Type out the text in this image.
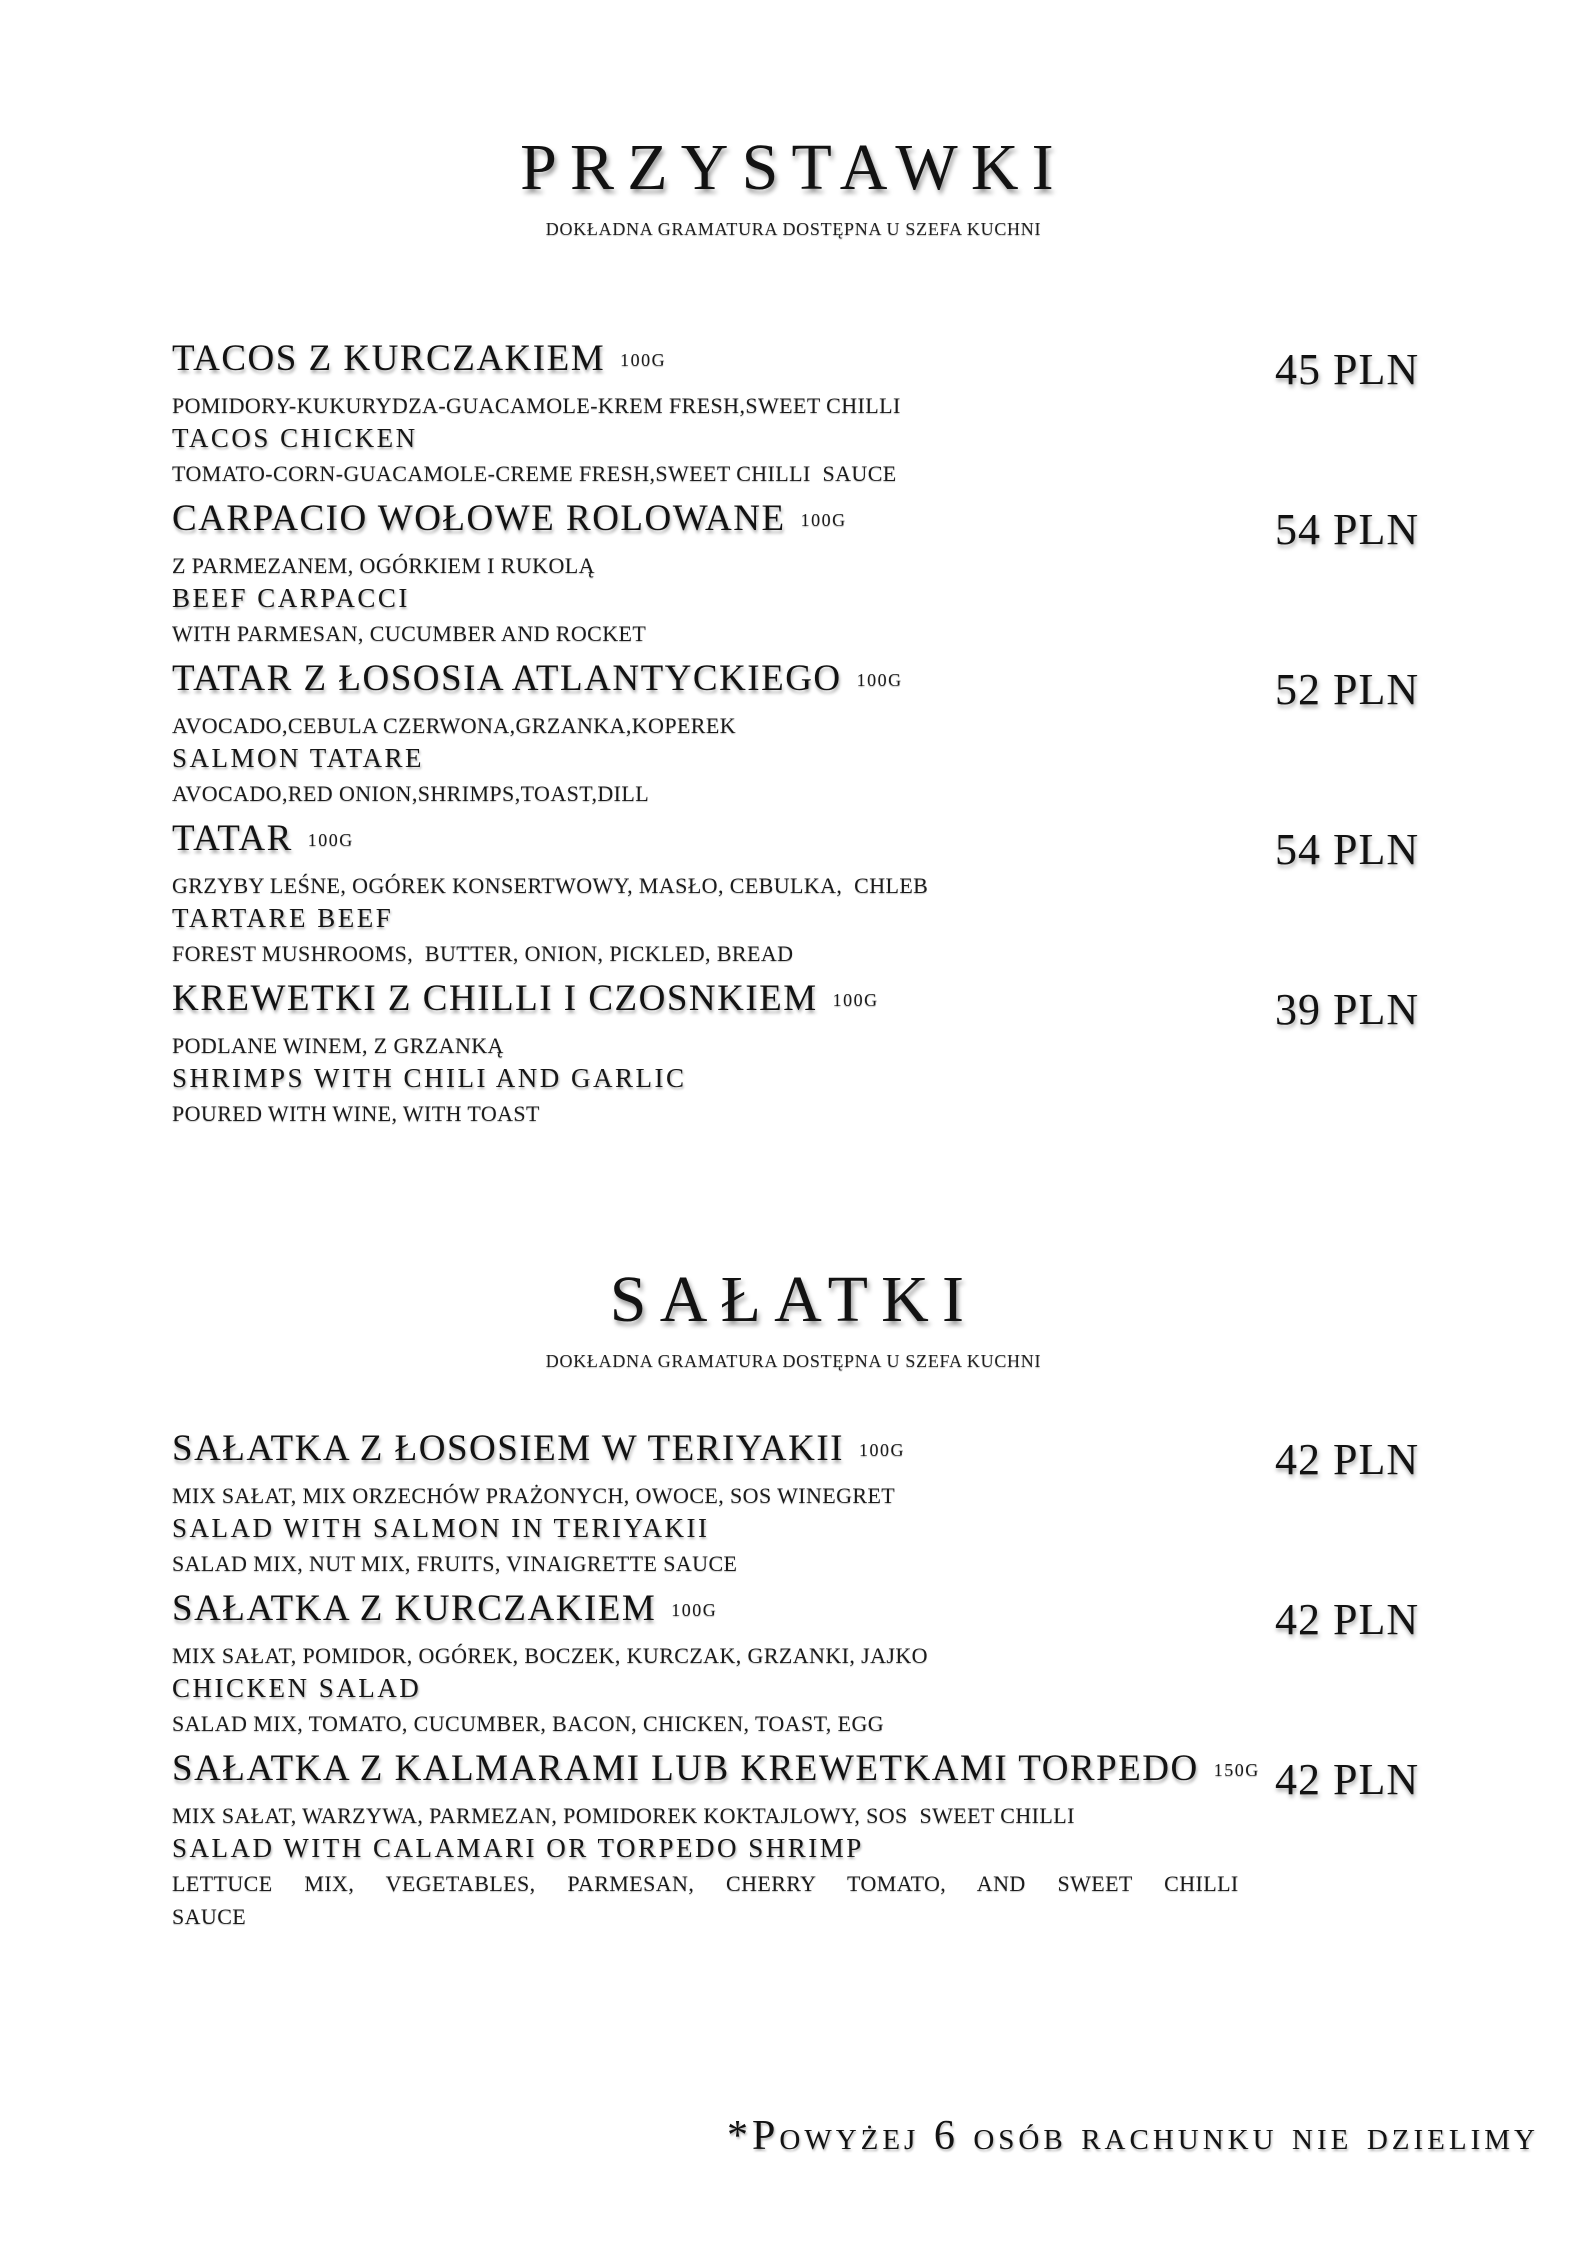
PRZYSTAWKI
DOKŁADNA GRAMATURA DOSTĘPNA U SZEFA KUCHNI
TACOS Z KURCZAKIEM 100G
POMIDORY-KUKURYDZA-GUACAMOLE-KREM FRESH,SWEET CHILLI
TACOS CHICKEN
TOMATO-CORN-GUACAMOLE-CREME FRESH,SWEET CHILLI  SAUCE
45 PLN
CARPACIO WOŁOWE ROLOWANE 100G
Z PARMEZANEM, OGÓRKIEM I RUKOLĄ
BEEF CARPACCI
WITH PARMESAN, CUCUMBER AND ROCKET
54 PLN
TATAR Z ŁOSOSIA ATLANTYCKIEGO 100G
AVOCADO,CEBULA CZERWONA,GRZANKA,KOPEREK
SALMON TATARE
AVOCADO,RED ONION,SHRIMPS,TOAST,DILL
52 PLN
TATAR 100G
GRZYBY LEŚNE, OGÓREK KONSERTWOWY, MASŁO, CEBULKA,  CHLEB
TARTARE BEEF
FOREST MUSHROOMS,  BUTTER, ONION, PICKLED, BREAD
54 PLN
KREWETKI Z CHILLI I CZOSNKIEM 100G
PODLANE WINEM, Z GRZANKĄ
SHRIMPS WITH CHILI AND GARLIC
POURED WITH WINE, WITH TOAST
39 PLN
SAŁATKI
DOKŁADNA GRAMATURA DOSTĘPNA U SZEFA KUCHNI
SAŁATKA Z ŁOSOSIEM W TERIYAKII 100G
MIX SAŁAT, MIX ORZECHÓW PRAŻONYCH, OWOCE, SOS WINEGRET
SALAD WITH SALMON IN TERIYAKII
SALAD MIX, NUT MIX, FRUITS, VINAIGRETTE SAUCE
42 PLN
SAŁATKA Z KURCZAKIEM 100G
MIX SAŁAT, POMIDOR, OGÓREK, BOCZEK, KURCZAK, GRZANKI, JAJKO
CHICKEN SALAD
SALAD MIX, TOMATO, CUCUMBER, BACON, CHICKEN, TOAST, EGG
42 PLN
SAŁATKA Z KALMARAMI LUB KREWETKAMI TORPEDO 150G
MIX SAŁAT, WARZYWA, PARMEZAN, POMIDOREK KOKTAJLOWY, SOS  SWEET CHILLI
SALAD WITH CALAMARI OR TORPEDO SHRIMP
LETTUCE  MIX,  VEGETABLES,  PARMESAN,  CHERRY  TOMATO,  AND  SWEET  CHILLI
SAUCE
42 PLN
*Powyżej 6 osób rachunku nie dzielimy
